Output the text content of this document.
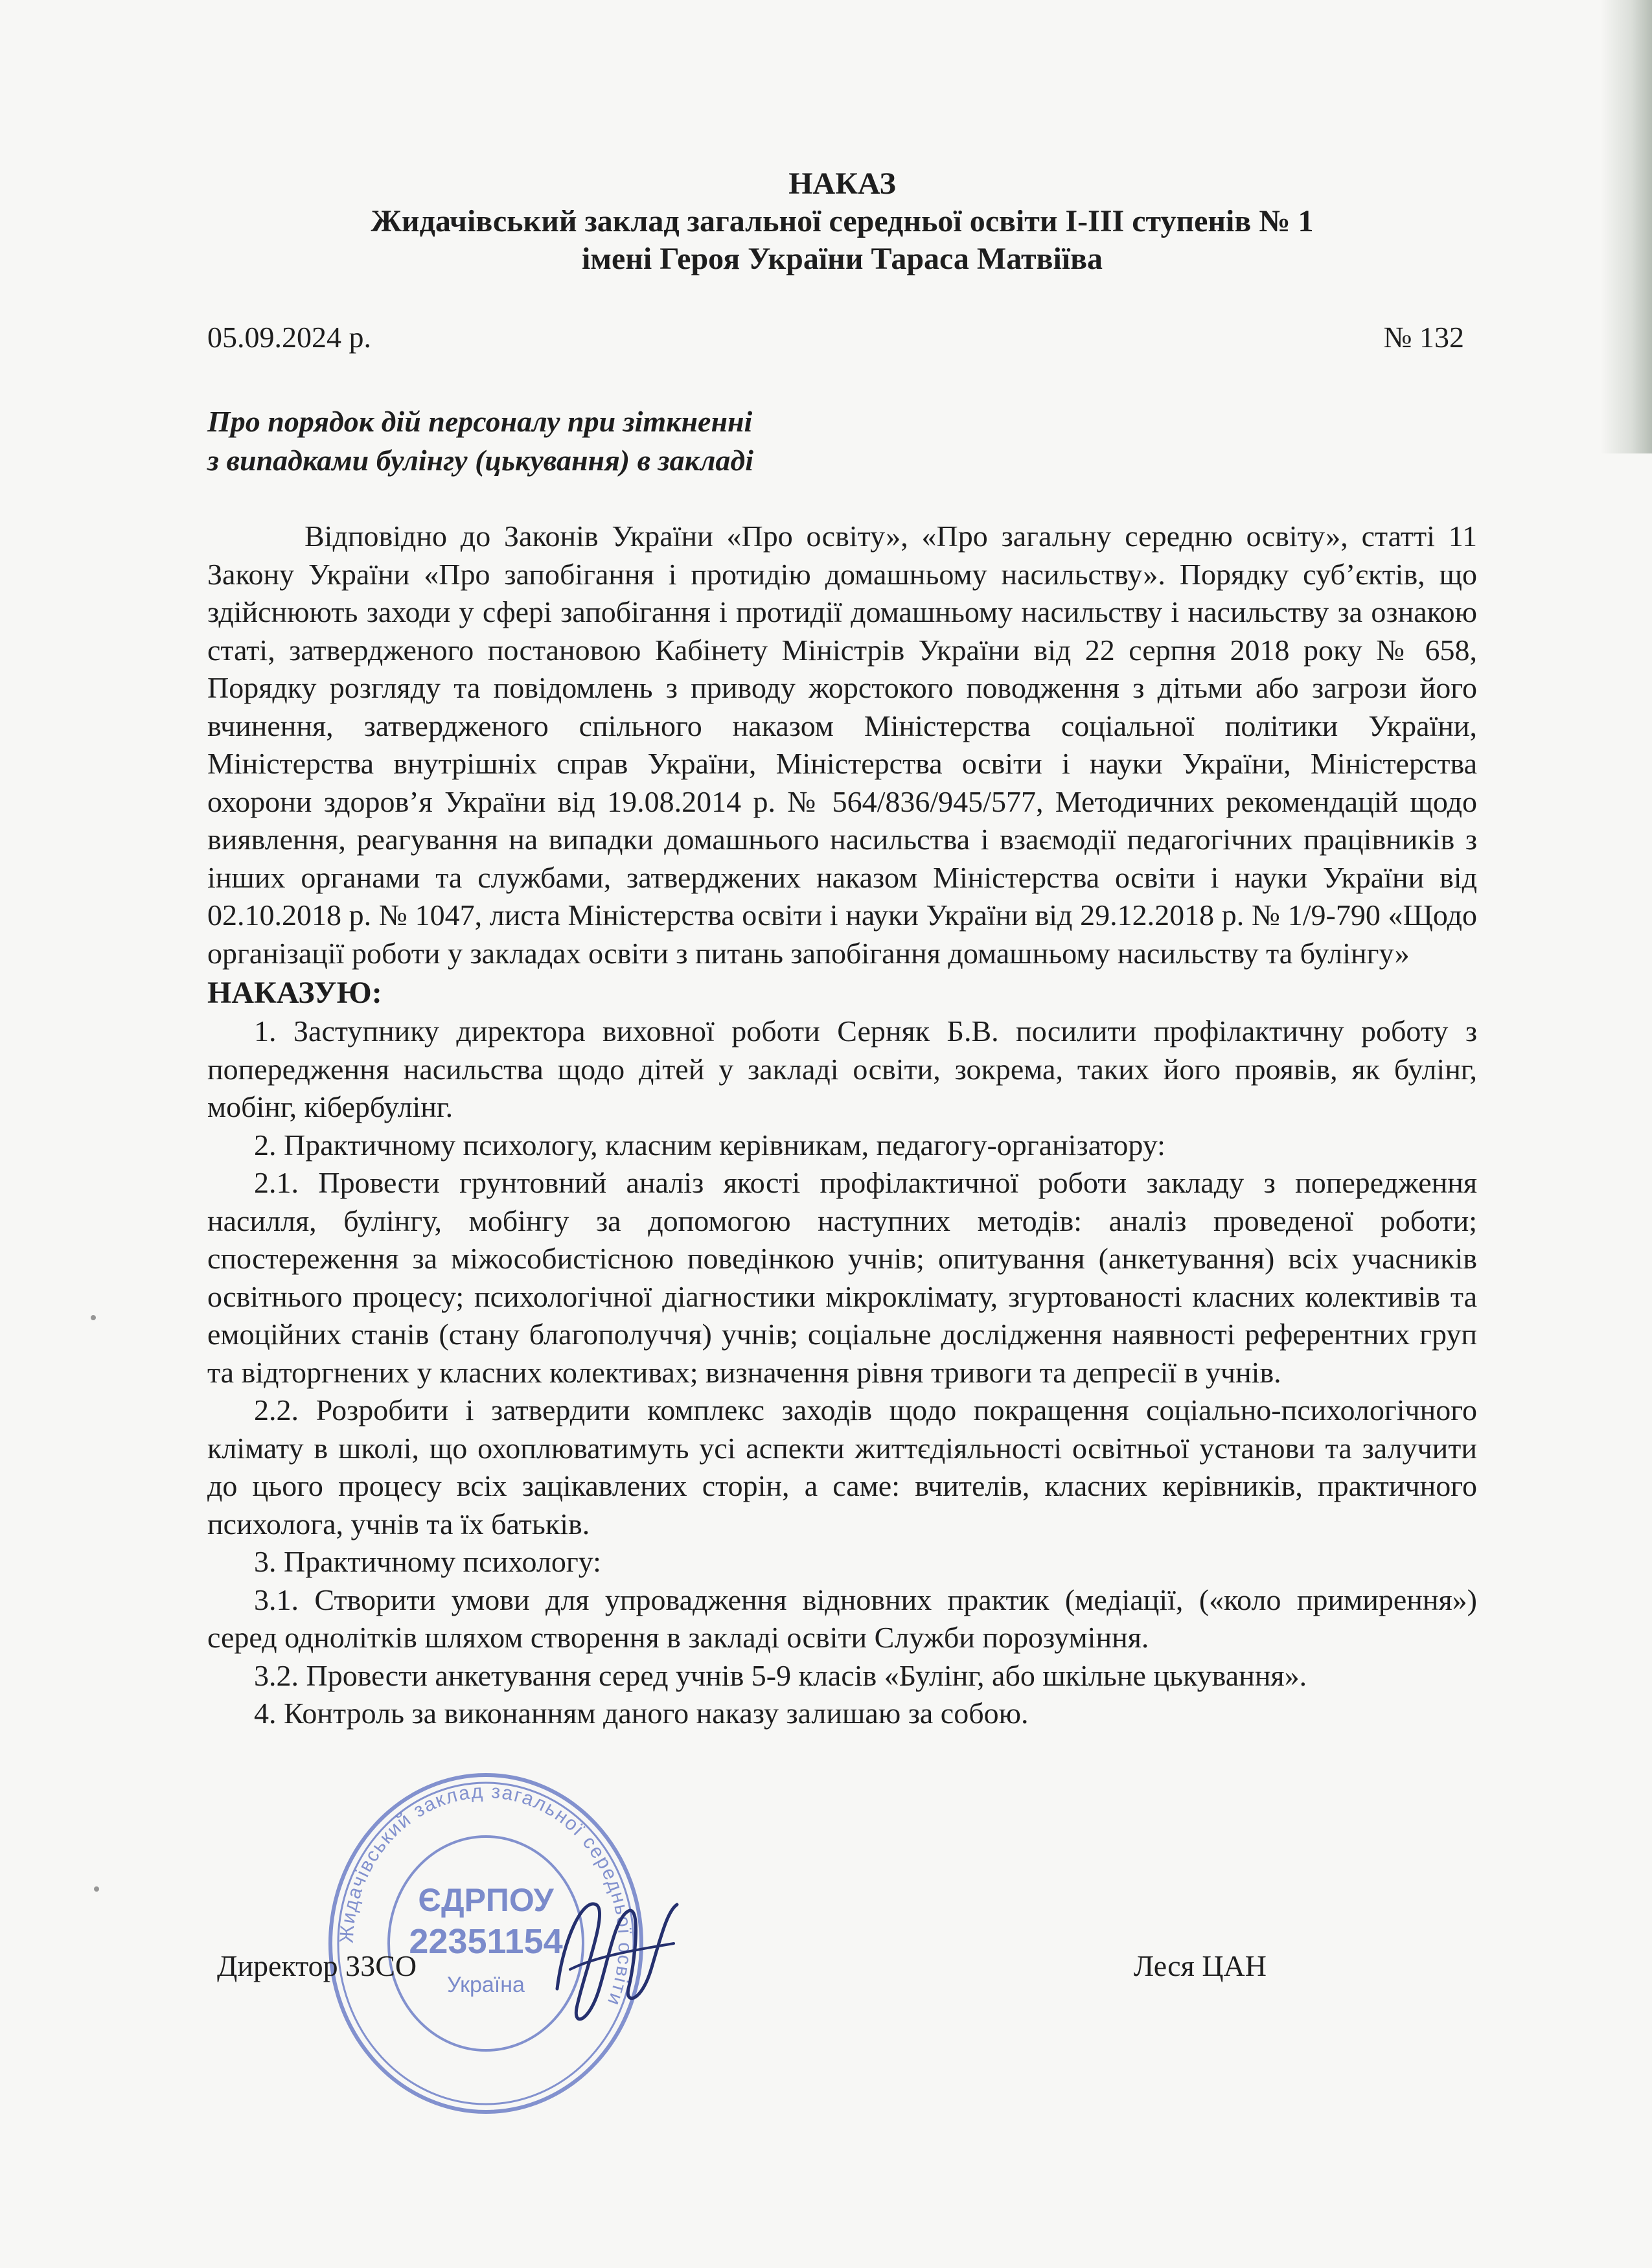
НАКАЗ
Жидачівський заклад загальної середньої освіти І-ІІІ ступенів № 1
імені Героя України Тараса Матвіїва
05.09.2024 р.	№ 132
Про порядок дій персоналу при зіткненні
з випадками булінгу (цькування) в закладі
Відповідно до Законів України «Про освіту», «Про загальну середню освіту», статті 11 Закону України «Про запобігання і протидію домашньому насильству». Порядку суб’єктів, що здійснюють заходи у сфері запобігання і протидії домашньому насильству і насильству за ознакою статі, затвердженого постановою Кабінету Міністрів України від 22 серпня 2018 року № 658, Порядку розгляду та повідомлень з приводу жорстокого поводження з дітьми або загрози його вчинення, затвердженого спільного наказом Міністерства соціальної політики України, Міністерства внутрішніх справ України, Міністерства освіти і науки України, Міністерства охорони здоров’я України від 19.08.2014 р. № 564/836/945/577, Методичних рекомендацій щодо виявлення, реагування на випадки домашнього насильства і взаємодії педагогічних працівників з інших органами та службами, затверджених наказом Міністерства освіти і науки України від 02.10.2018 р. № 1047, листа Міністерства освіти і науки України від 29.12.2018 р. № 1/9-790 «Щодо організації роботи у закладах освіти з питань запобігання домашньому насильству та булінгу»
НАКАЗУЮ:
1. Заступнику директора виховної роботи Серняк Б.В. посилити профілактичну роботу з попередження насильства щодо дітей у закладі освіти, зокрема, таких його проявів, як булінг, мобінг, кібербулінг.
2. Практичному психологу, класним керівникам, педагогу-організатору:
2.1. Провести грунтовний аналіз якості профілактичної роботи закладу з попередження насилля, булінгу, мобінгу за допомогою наступних методів: аналіз проведеної роботи; спостереження за міжособистісною поведінкою учнів; опитування (анкетування) всіх учасників освітнього процесу; психологічної діагностики мікроклімату, згуртованості класних колективів та емоційних станів (стану благополуччя) учнів; соціальне дослідження наявності референтних груп та відторгнених у класних колективах; визначення рівня тривоги та депресії в учнів.
2.2. Розробити і затвердити комплекс заходів щодо покращення соціально-психологічного клімату в школі, що охоплюватимуть усі аспекти життєдіяльності освітньої установи та залучити до цього процесу всіх зацікавлених сторін, а саме: вчителів, класних керівників, практичного психолога, учнів та їх батьків.
3. Практичному психологу:
3.1. Створити умови для упровадження відновних практик (медіації, («коло примирення») серед однолітків шляхом створення в закладі освіти Служби порозуміння.
3.2. Провести анкетування серед учнів 5-9 класів «Булінг, або шкільне цькування».
4. Контроль за виконанням даного наказу залишаю за собою.
Жидачівський заклад загальної середньої освіти
ЄДРПОУ
22351154
Україна
Директор ЗЗСО	Леся ЦАН
